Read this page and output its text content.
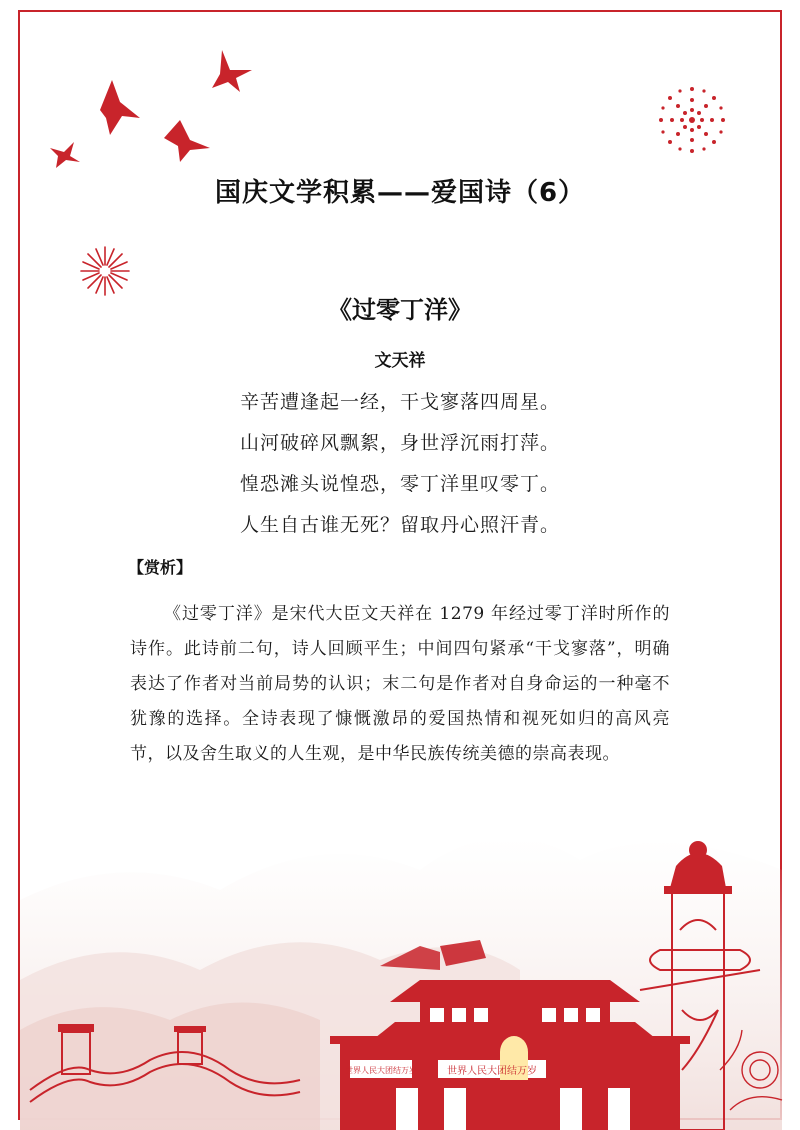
国庆文学积累——爱国诗（6）
《过零丁洋》
文天祥
辛苦遭逢起一经，干戈寥落四周星。
山河破碎风飘絮，身世浮沉雨打萍。
惶恐滩头说惶恐，零丁洋里叹零丁。
人生自古谁无死？留取丹心照汗青。
【赏析】
《过零丁洋》是宋代大臣文天祥在 1279 年经过零丁洋时所作的诗作。此诗前二句，诗人回顾平生；中间四句紧承“干戈寥落”，明确表达了作者对当前局势的认识；末二句是作者对自身命运的一种毫不犹豫的选择。全诗表现了慷慨激昂的爱国热情和视死如归的高风亮节，以及舍生取义的人生观，是中华民族传统美德的崇高表现。
世界人民大团结万岁	世界人民大团结万岁
